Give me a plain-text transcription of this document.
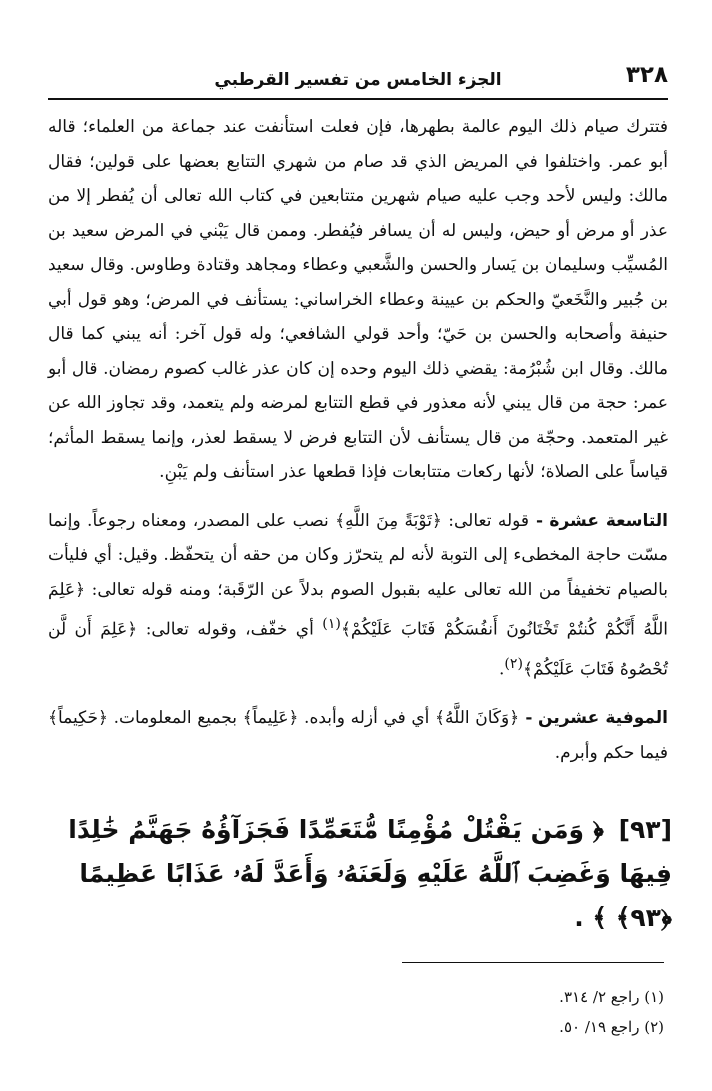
٣٢٨
الجزء الخامس من تفسير القرطبي

فتترك صيام ذلك اليوم عالمة بطهرها، فإن فعلت استأنفت عند جماعة من العلماء؛ قاله أبو عمر. واختلفوا في المريض الذي قد صام من شهري التتابع بعضها على قولين؛ فقال مالك: وليس لأحد وجب عليه صيام شهرين متتابعين في كتاب الله تعالى أن يُفطر إلا من عذر أو مرض أو حيض، وليس له أن يسافر فيُفطر. وممن قال يَبْني في المرض سعيد بن المُسيِّب وسليمان بن يَسار والحسن والشَّعبي وعطاء ومجاهد وقتادة وطاوس. وقال سعيد بن جُبير والنَّخَعيّ والحكم بن عيينة وعطاء الخراساني: يستأنف في المرض؛ وهو قول أبي حنيفة وأصحابه والحسن بن حَيّ؛ وأحد قولي الشافعي؛ وله قول آخر: أنه يبني كما قال مالك. وقال ابن شُبْرُمة: يقضي ذلك اليوم وحده إن كان عذر غالب كصوم رمضان. قال أبو عمر: حجة من قال يبني لأنه معذور في قطع التتابع لمرضه ولم يتعمد، وقد تجاوز الله عن غير المتعمد. وحجّة من قال يستأنف لأن التتابع فرض لا يسقط لعذر، وإنما يسقط المأثم؛ قياساً على الصلاة؛ لأنها ركعات متتابعات فإذا قطعها عذر استأنف ولم يَبْنِ.

التاسعة عشرة - قوله تعالى: ﴿تَوْبَةً مِنَ اللَّهِ﴾ نصب على المصدر، ومعناه رجوعاً. وإنما مسّت حاجة المخطىء إلى التوبة لأنه لم يتحرّز وكان من حقه أن يتحفّظ. وقيل: أي فليأت بالصيام تخفيفاً من الله تعالى عليه بقبول الصوم بدلاً عن الرّقَبة؛ ومنه قوله تعالى: ﴿عَلِمَ اللَّهُ أَنَّكُمْ كُنتُمْ تَخْتَانُونَ أَنفُسَكُمْ فَتَابَ عَلَيْكُمْ﴾$^{(١)}$ أي خفّف، وقوله تعالى: ﴿عَلِمَ أَن لَّن تُحْصُوهُ فَتَابَ عَلَيْكُمْ﴾$^{(٢)}$.

الموفية عشرين - ﴿وَكَانَ اللَّهُ﴾ أي في أزله وأبده. ﴿عَلِيماً﴾ بجميع المعلومات. ﴿حَكِيماً﴾ فيما حكم وأبرم.

[٩٣] ﴿ وَمَن يَقْتُلْ مُؤْمِنًا مُّتَعَمِّدًا فَجَزَآؤُهُ جَهَنَّمُ خَٰلِدًا فِيهَا وَغَضِبَ ٱللَّهُ عَلَيْهِ وَلَعَنَهُۥ وَأَعَدَّ لَهُۥ عَذَابًا عَظِيمًا ﴿٩٣﴾ ﴾ .
(١) راجع ٢/ ٣١٤.
(٢) راجع ١٩/ ٥٠.
